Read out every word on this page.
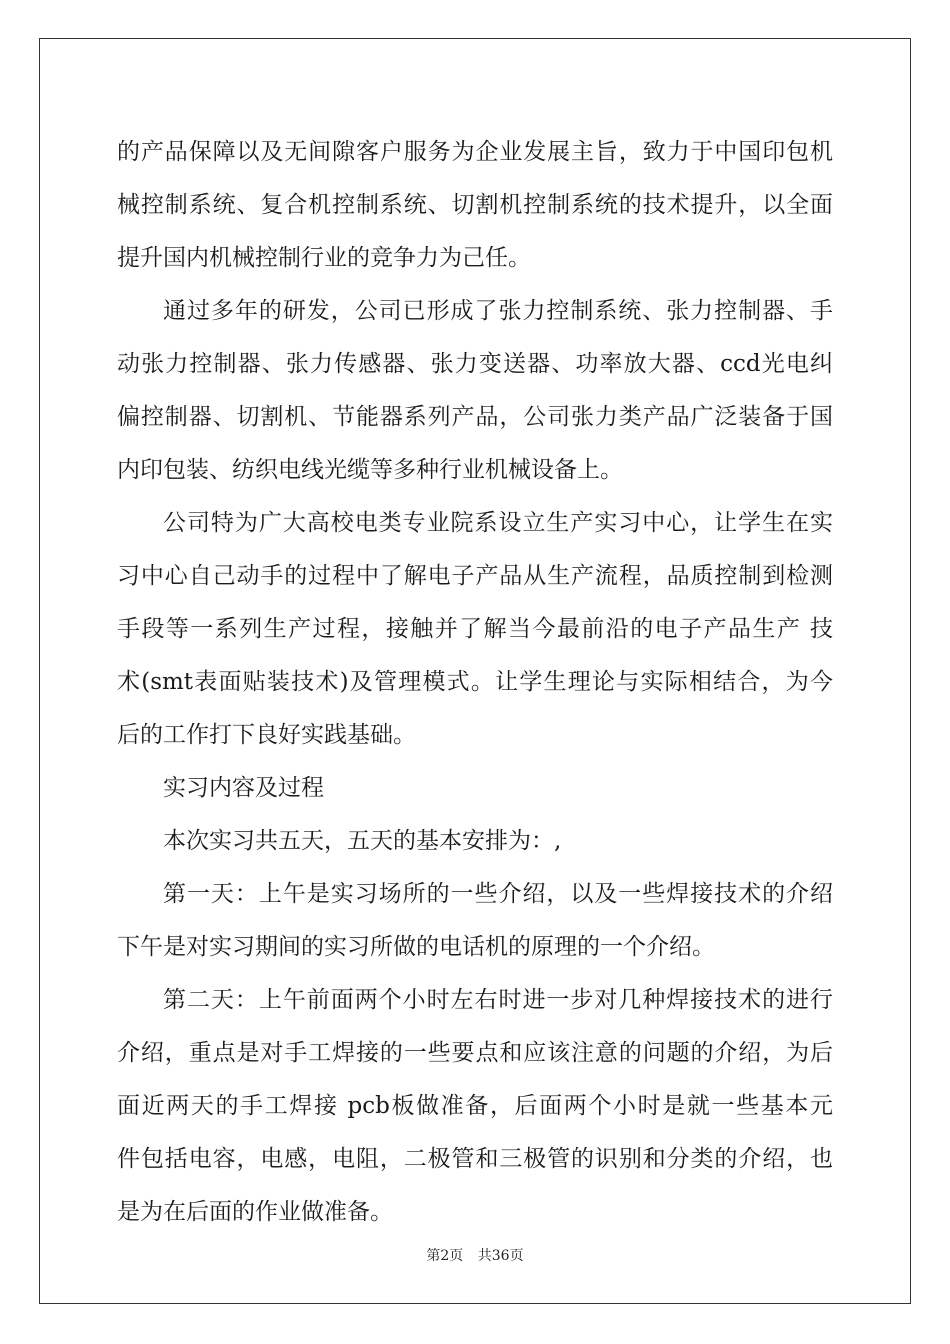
的产品保障以及无间隙客户服务为企业发展主旨，致力于中国印包机
械控制系统、复合机控制系统、切割机控制系统的技术提升，以全面
提升国内机械控制行业的竞争力为己任。
通过多年的研发，公司已形成了张力控制系统、张力控制器、手
动张力控制器、张力传感器、张力变送器、功率放大器、ccd光电纠
偏控制器、切割机、节能器系列产品，公司张力类产品广泛装备于国
内印包装、纺织电线光缆等多种行业机械设备上。
公司特为广大高校电类专业院系设立生产实习中心，让学生在实
习中心自己动手的过程中了解电子产品从生产流程，品质控制到检测
手段等一系列生产过程，接触并了解当今最前沿的电子产品生产 技
术(smt表面贴装技术)及管理模式。让学生理论与实际相结合，为今
后的工作打下良好实践基础。
实习内容及过程
本次实习共五天，五天的基本安排为：,
第一天：上午是实习场所的一些介绍，以及一些焊接技术的介绍
下午是对实习期间的实习所做的电话机的原理的一个介绍。
第二天：上午前面两个小时左右时进一步对几种焊接技术的进行
介绍，重点是对手工焊接的一些要点和应该注意的问题的介绍，为后
面近两天的手工焊接 pcb板做准备，后面两个小时是就一些基本元
件包括电容，电感，电阻，二极管和三极管的识别和分类的介绍，也
是为在后面的作业做准备。
第2页 共36页
